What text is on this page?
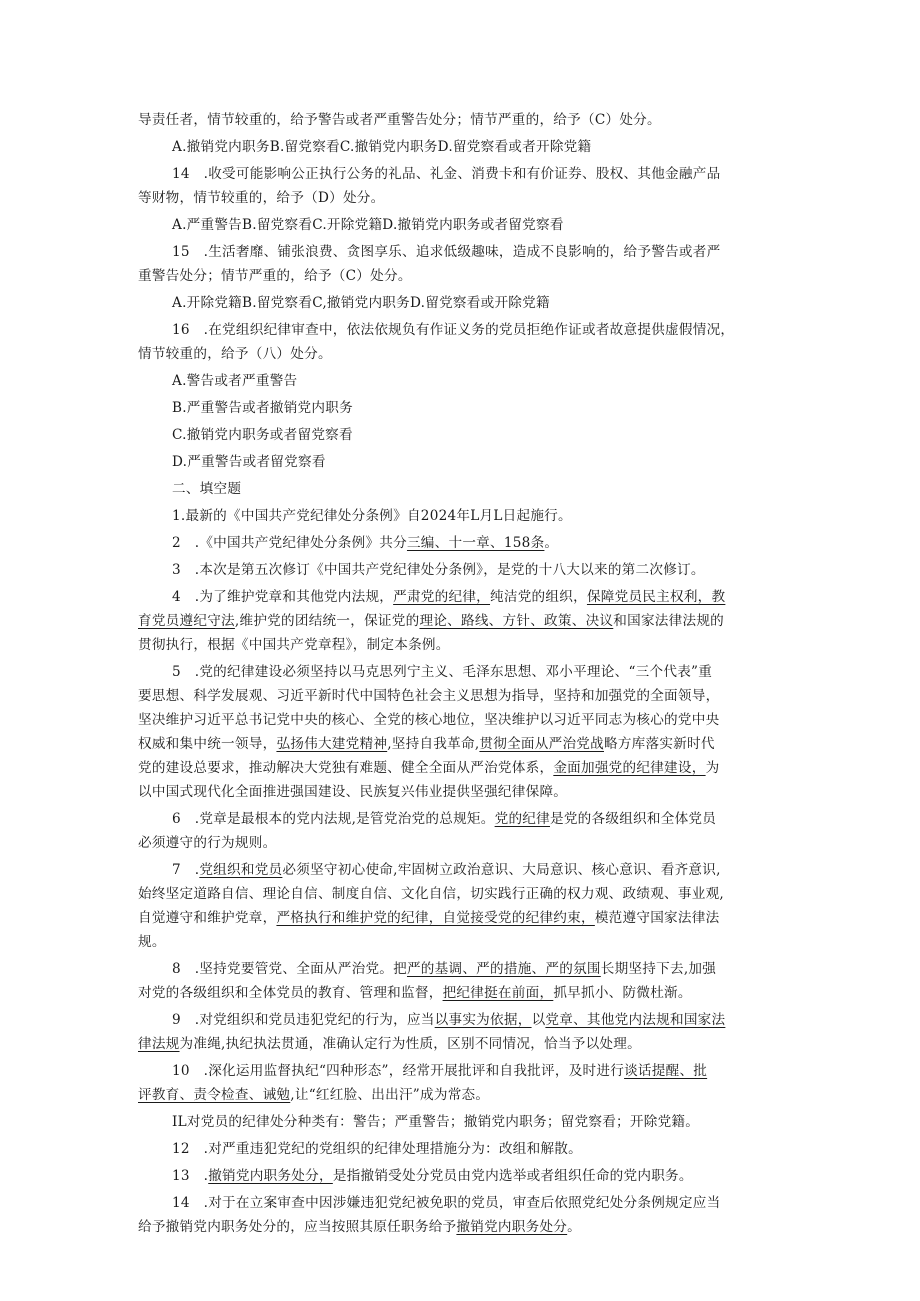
导责任者，情节较重的，给予警告或者严重警告处分；情节严重的，给予（C）处分。

A.撤销党内职务B.留党察看C.撤销党内职务D.留党察看或者开除党籍

14　.收受可能影响公正执行公务的礼品、礼金、消费卡和有价证券、股权、其他金融产品

等财物，情节较重的，给予（D）处分。

A.严重警告B.留党察看C.开除党籍D.撤销党内职务或者留党察看

15　.生活奢靡、铺张浪费、贪图享乐、追求低级趣味，造成不良影响的，给予警告或者严

重警告处分；情节严重的，给予（C）处分。

A.开除党籍B.留党察看C,撤销党内职务D.留党察看或开除党籍

16　.在党组织纪律审查中，依法依规负有作证义务的党员拒绝作证或者故意提供虚假情况，

情节较重的，给予（八）处分。

A.警告或者严重警告

B.严重警告或者撤销党内职务

C.撤销党内职务或者留党察看

D.严重警告或者留党察看

二、填空题

1.最新的《中国共产党纪律处分条例》自2024年L月L日起施行。

2　.《中国共产党纪律处分条例》共分三编、十一章、158条。

3　.本次是第五次修订《中国共产党纪律处分条例》，是党的十八大以来的第二次修订。

4　.为了维护党章和其他党内法规，严肃党的纪律，纯洁党的组织，保障党员民主权利，教

育党员遵纪守法,维护党的团结统一，保证党的理论、路线、方针、政策、决议和国家法律法规的

贯彻执行，根据《中国共产党章程》，制定本条例。

5　.党的纪律建设必须坚持以马克思列宁主义、毛泽东思想、邓小平理论、“三个代表”重

要思想、科学发展观、习近平新时代中国特色社会主义思想为指导，坚持和加强党的全面领导，

坚决维护习近平总书记党中央的核心、全党的核心地位，坚决维护以习近平同志为核心的党中央

权威和集中统一领导，弘扬伟大建党精神,坚持自我革命,贯彻全面从严治党战略方库落实新时代

党的建设总要求，推动解决大党独有难题、健全全面从严治党体系，金面加强党的纪律建设，为

以中国式现代化全面推进强国建设、民族复兴伟业提供坚强纪律保障。

6　.党章是最根本的党内法规,是管党治党的总规矩。党的纪律是党的各级组织和全体党员

必须遵守的行为规则。

7　.党组织和党员必须坚守初心使命,牢固树立政治意识、大局意识、核心意识、看齐意识,

始终坚定道路自信、理论自信、制度自信、文化自信，切实践行正确的权力观、政绩观、事业观,

自觉遵守和维护党章，严格执行和维护党的纪律，自觉接受党的纪律约束，模范遵守国家法律法

规。

8　.坚持党要管党、全面从严治党。把严的基调、严的措施、严的氛围长期坚持下去,加强

对党的各级组织和全体党员的教育、管理和监督，把纪律挺在前面，抓早抓小、防微杜渐。

9　.对党组织和党员违犯党纪的行为，应当以事实为依据，以党章、其他党内法规和国家法

律法规为准绳,执纪执法贯通，准确认定行为性质，区别不同情况，恰当予以处理。

10　.深化运用监督执纪“四种形态”，经常开展批评和自我批评，及时进行谈话提醒、批

评教育、责令检查、诫勉,让“红红脸、出出汗”成为常态。

IL对党员的纪律处分种类有：警告；严重警告；撤销党内职务；留党察看；开除党籍。

12　.对严重违犯党纪的党组织的纪律处理措施分为：改组和解散。

13　.撤销党内职务处分，是指撤销受处分党员由党内选举或者组织任命的党内职务。

14　.对于在立案审查中因涉嫌违犯党纪被免职的党员，审查后依照党纪处分条例规定应当

给予撤销党内职务处分的，应当按照其原任职务给予撤销党内职务处分。
